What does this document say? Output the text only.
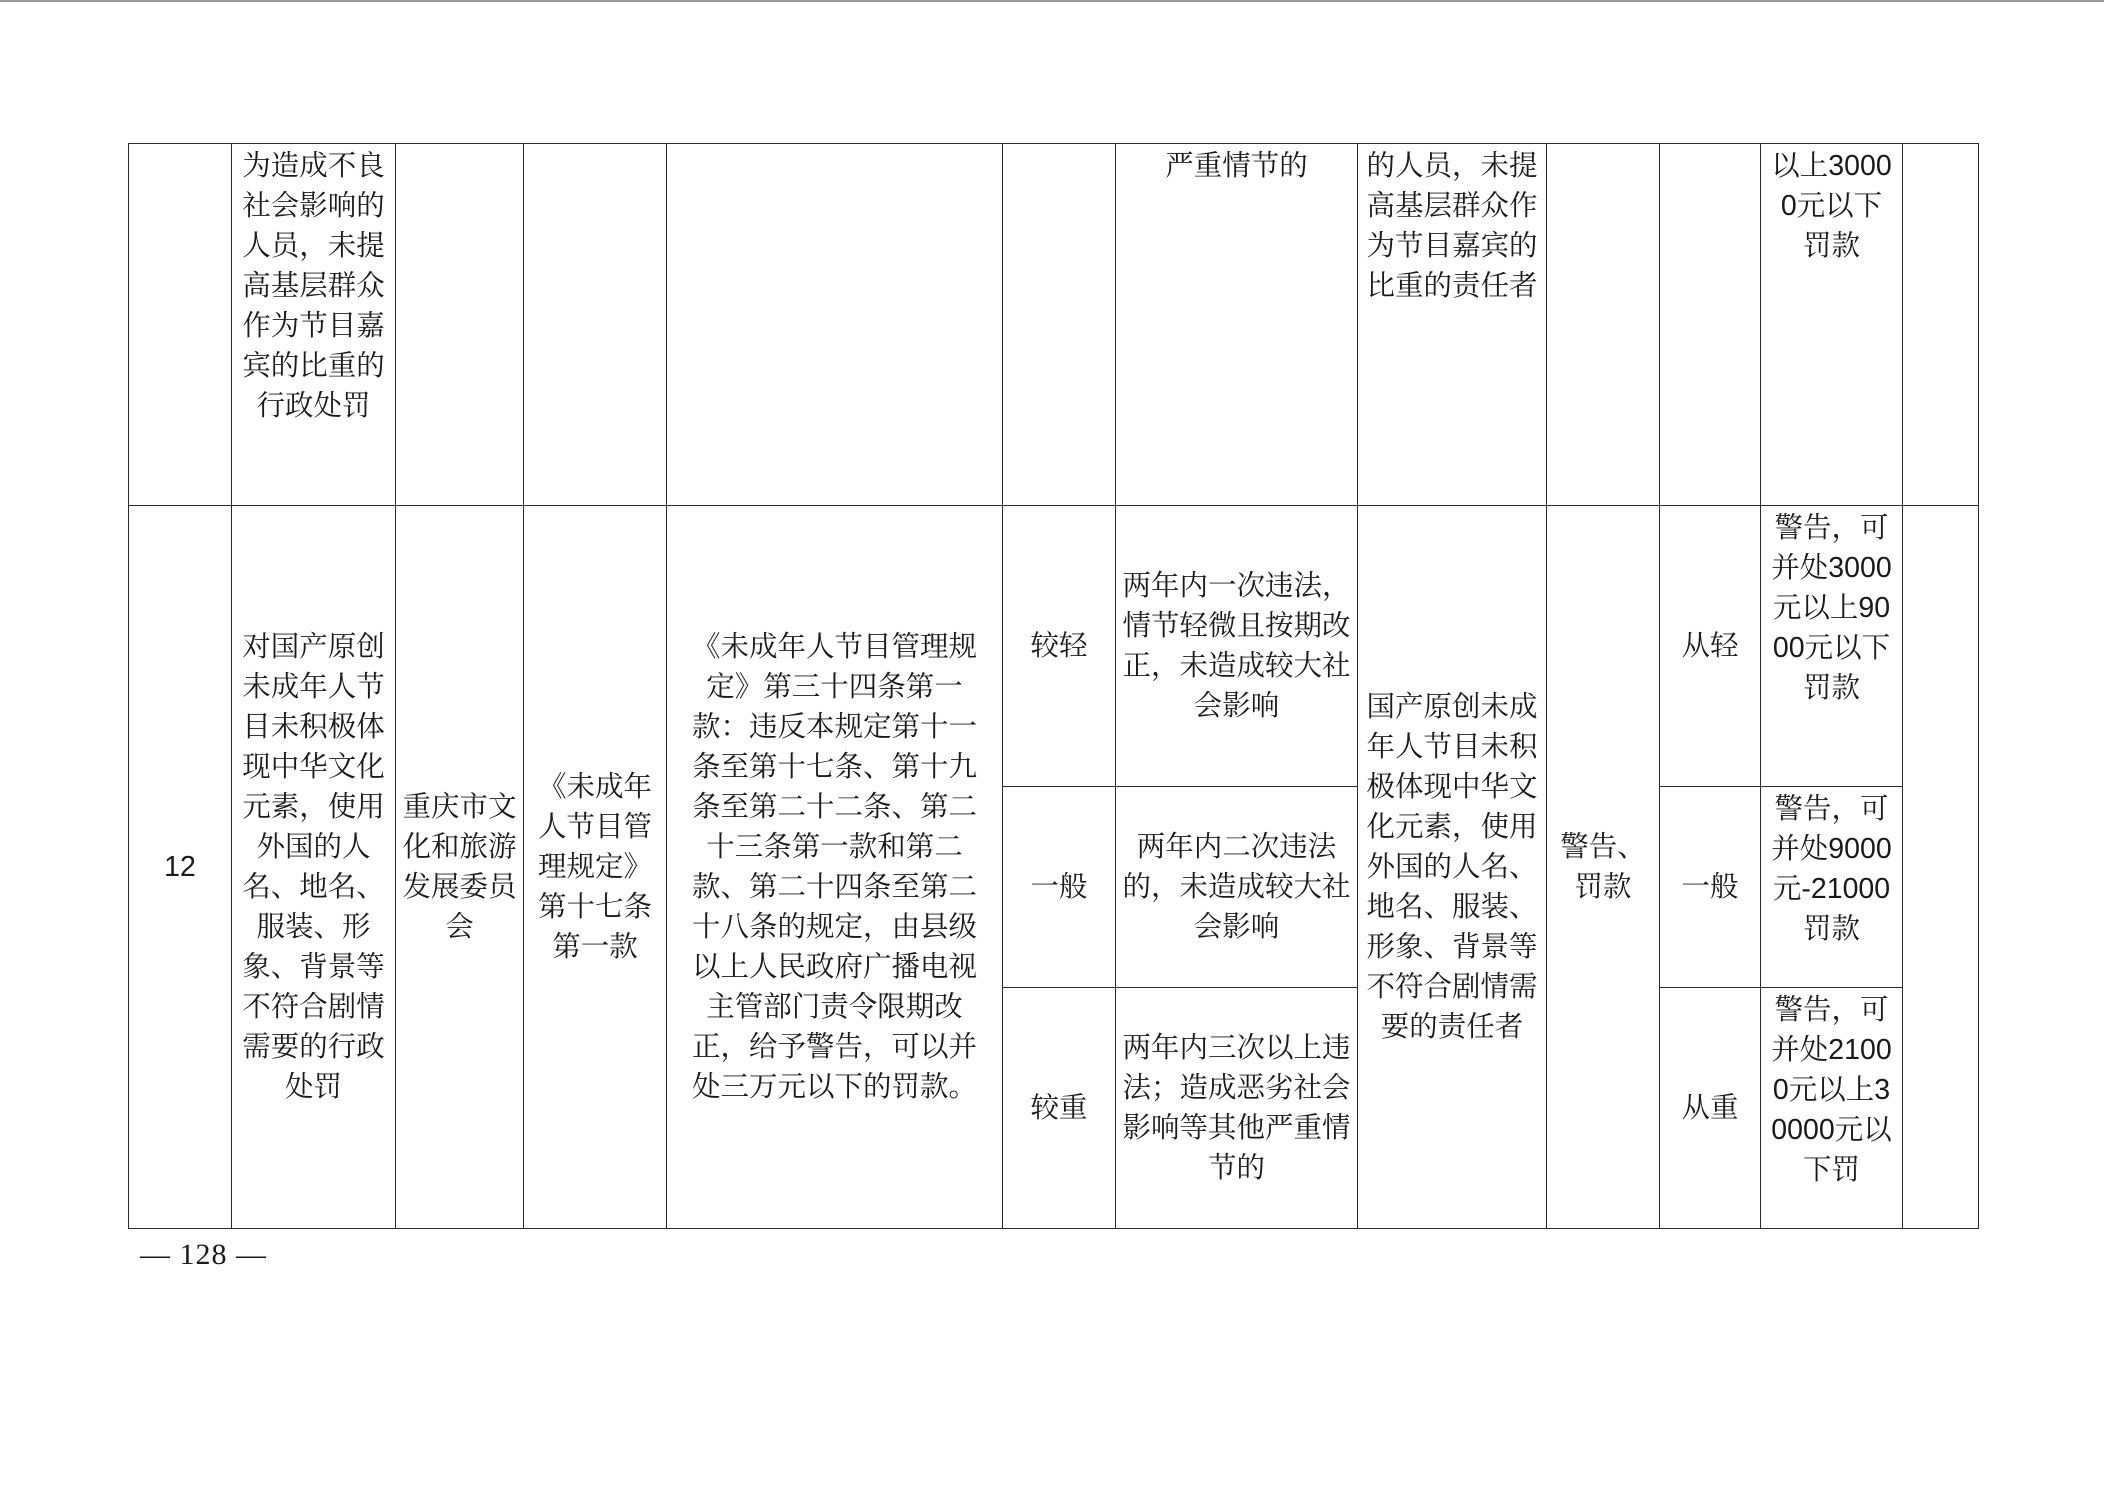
	为造成不良社会影响的人员，未提高基层群众作为节目嘉宾的比重的行政处罚					严重情节的	的人员，未提高基层群众作为节目嘉宾的比重的责任者			以上30000元以下罚款	
12	对国产原创未成年人节目未积极体现中华文化元素，使用外国的人名、地名、服装、形象、背景等不符合剧情需要的行政处罚	重庆市文化和旅游发展委员会	《未成年人节目管理规定》第十七条第一款	《未成年人节目管理规定》第三十四条第一款：违反本规定第十一条至第十七条、第十九条至第二十二条、第二十三条第一款和第二款、第二十四条至第二十八条的规定，由县级以上人民政府广播电视主管部门责令限期改正，给予警告，可以并处三万元以下的罚款。	较轻	两年内一次违法，情节轻微且按期改正，未造成较大社会影响	国产原创未成年人节目未积极体现中华文化元素，使用外国的人名、地名、服装、形象、背景等不符合剧情需要的责任者	警告、罚款	从轻	警告，可并处3000元以上9000元以下罚款	
					一般	两年内二次违法的，未造成较大社会影响			一般	警告，可并处9000元-21000罚款	
					较重	两年内三次以上违法；造成恶劣社会影响等其他严重情节的			从重	警告，可并处21000元以上30000元以下罚	
— 128 —
